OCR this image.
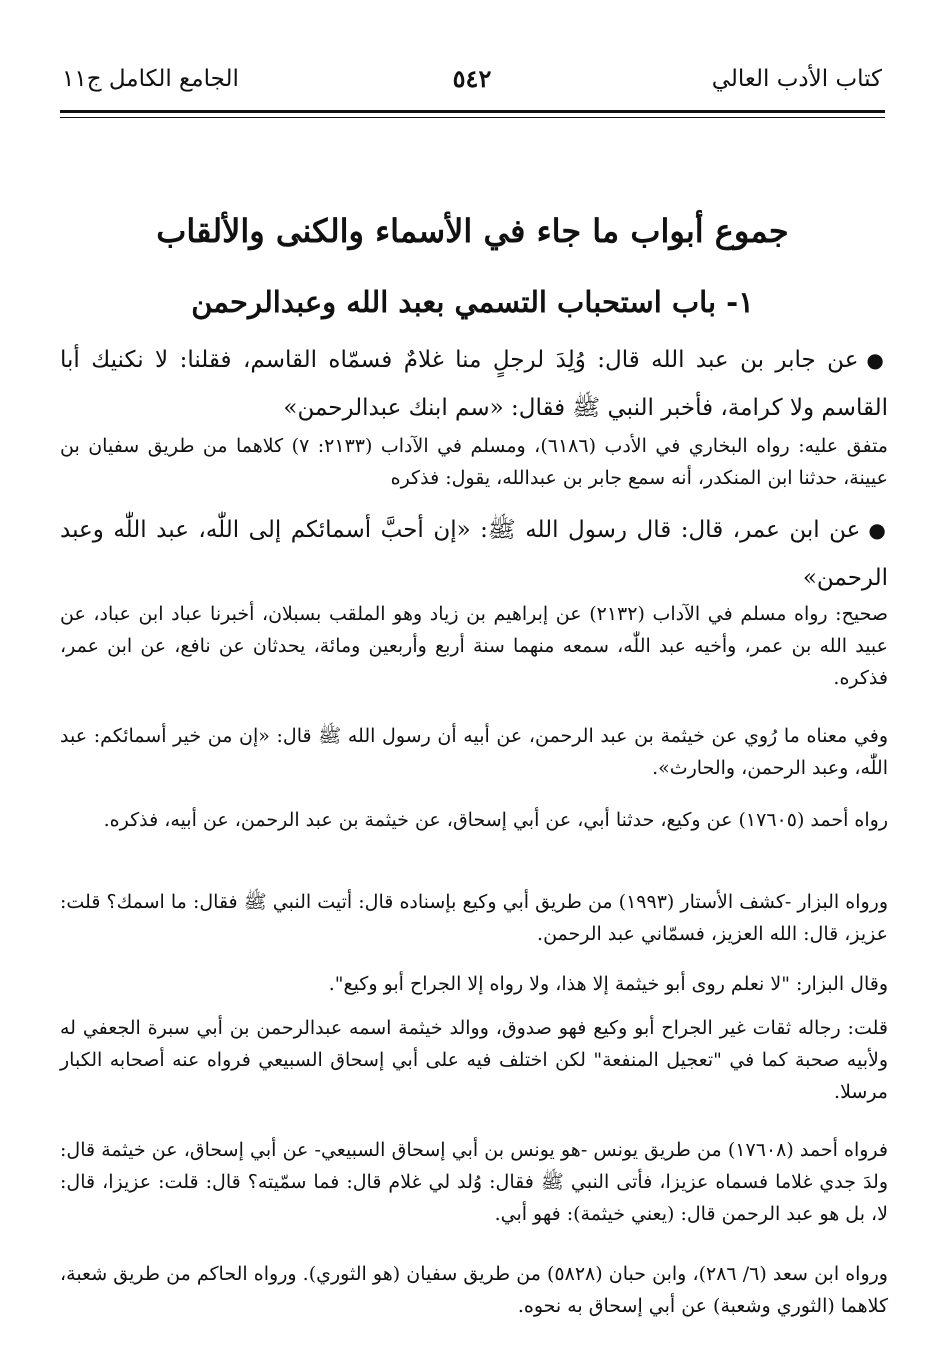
كتاب الأدب العالي
٥٤٢
الجامع الكامل ج١١
جموع أبواب ما جاء في الأسماء والكنى والألقاب
١- باب استحباب التسمي بعبد الله وعبدالرحمن
●عن جابر بن عبد الله قال: وُلِدَ لرجلٍ منا غلامٌ فسمّاه القاسم، فقلنا: لا نكنيك أبا القاسم ولا كرامة، فأخبر النبي ﷺ فقال: «سم ابنك عبدالرحمن»
متفق عليه: رواه البخاري في الأدب (٦١٨٦)، ومسلم في الآداب (٢١٣٣: ٧) كلاهما من طريق سفيان بن عيينة، حدثنا ابن المنكدر، أنه سمع جابر بن عبدالله، يقول: فذكره
●عن ابن عمر، قال: قال رسول الله ﷺ: «إن أحبَّ أسمائكم إلى اللّٰه، عبد اللّٰه وعبد الرحمن»
صحيح: رواه مسلم في الآداب (٢١٣٢) عن إبراهيم بن زياد وهو الملقب بسبلان، أخبرنا عباد ابن عباد، عن عبيد الله بن عمر، وأخيه عبد اللّٰه، سمعه منهما سنة أربع وأربعين ومائة، يحدثان عن نافع، عن ابن عمر، فذكره.
وفي معناه ما رُوي عن خيثمة بن عبد الرحمن، عن أبيه أن رسول الله ﷺ قال: «إن من خير أسمائكم: عبد اللّٰه، وعبد الرحمن، والحارث».
رواه أحمد (١٧٦٠٥) عن وكيع، حدثنا أبي، عن أبي إسحاق، عن خيثمة بن عبد الرحمن، عن أبيه، فذكره.
ورواه البزار -كشف الأستار (١٩٩٣) من طريق أبي وكيع بإسناده قال: أتيت النبي ﷺ فقال: ما اسمك؟ قلت: عزيز، قال: الله العزيز، فسمّاني عبد الرحمن.
وقال البزار: "لا نعلم روى أبو خيثمة إلا هذا، ولا رواه إلا الجراح أبو وكيع".
قلت: رجاله ثقات غير الجراح أبو وكيع فهو صدوق، ووالد خيثمة اسمه عبدالرحمن بن أبي سبرة الجعفي له ولأبيه صحبة كما في "تعجيل المنفعة" لكن اختلف فيه على أبي إسحاق السبيعي فرواه عنه أصحابه الكبار مرسلا.
فرواه أحمد (١٧٦٠٨) من طريق يونس -هو يونس بن أبي إسحاق السبيعي- عن أبي إسحاق، عن خيثمة قال: ولدَ جدي غلاما فسماه عزيزا، فأتى النبي ﷺ فقال: وُلد لي غلام قال: فما سمّيته؟ قال: قلت: عزيزا، قال: لا، بل هو عبد الرحمن قال: (يعني خيثمة): فهو أبي.
ورواه ابن سعد (٦/ ٢٨٦)، وابن حبان (٥٨٢٨) من طريق سفيان (هو الثوري). ورواه الحاكم من طريق شعبة، كلاهما (الثوري وشعبة) عن أبي إسحاق به نحوه.
